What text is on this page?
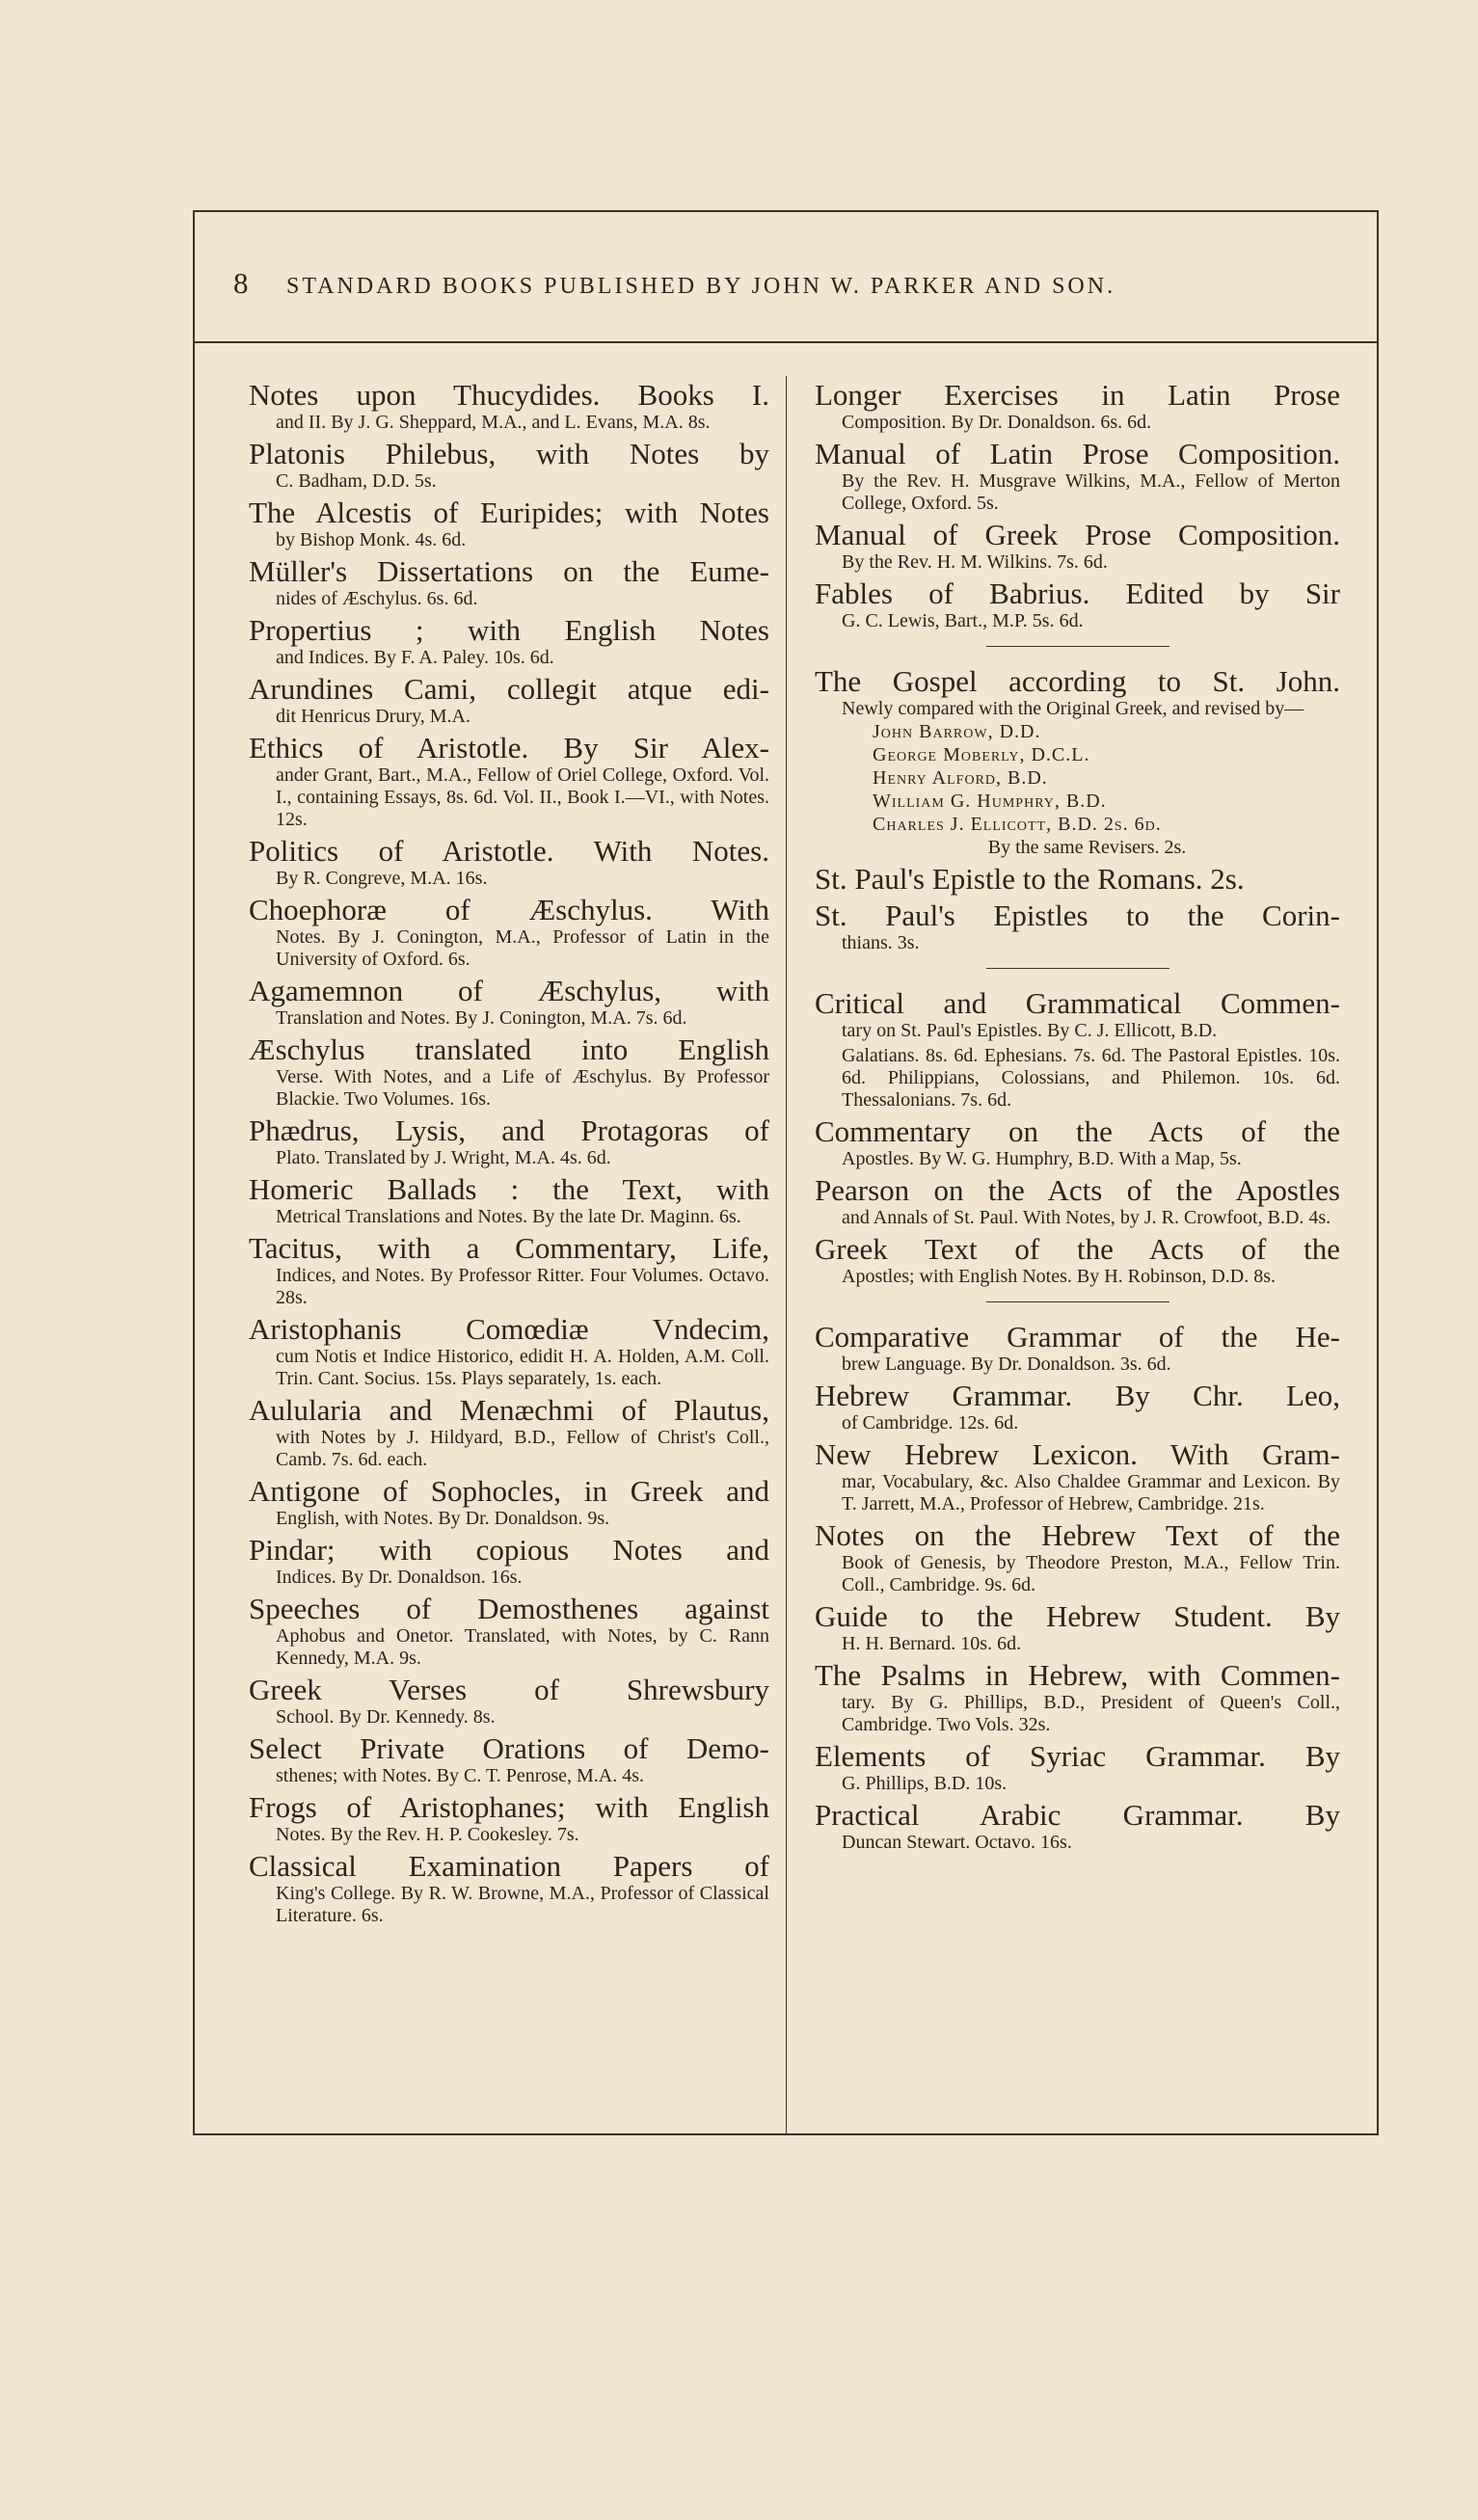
8	STANDARD BOOKS PUBLISHED BY JOHN W. PARKER AND SON.
Notes upon Thucydides. Books I.
and II. By J. G. Sheppard, M.A., and L. Evans, M.A. 8s.
Platonis Philebus, with Notes by
C. Badham, D.D. 5s.
The Alcestis of Euripides; with Notes
by Bishop Monk. 4s. 6d.
Müller's Dissertations on the Eume-
nides of Æschylus. 6s. 6d.
Propertius ; with English Notes
and Indices. By F. A. Paley. 10s. 6d.
Arundines Cami, collegit atque edi-
dit Henricus Drury, M.A.
Ethics of Aristotle. By Sir Alex-
ander Grant, Bart., M.A., Fellow of Oriel College, Oxford. Vol. I., containing Essays, 8s. 6d. Vol. II., Book I.—VI., with Notes. 12s.
Politics of Aristotle. With Notes.
By R. Congreve, M.A. 16s.
Choephoræ of Æschylus. With
Notes. By J. Conington, M.A., Professor of Latin in the University of Oxford. 6s.
Agamemnon of Æschylus, with
Translation and Notes. By J. Conington, M.A. 7s. 6d.
Æschylus translated into English
Verse. With Notes, and a Life of Æschylus. By Professor Blackie. Two Volumes. 16s.
Phædrus, Lysis, and Protagoras of
Plato. Translated by J. Wright, M.A. 4s. 6d.
Homeric Ballads : the Text, with
Metrical Translations and Notes. By the late Dr. Maginn. 6s.
Tacitus, with a Commentary, Life,
Indices, and Notes. By Professor Ritter. Four Volumes. Octavo. 28s.
Aristophanis Comœdiæ Vndecim,
cum Notis et Indice Historico, edidit H. A. Holden, A.M. Coll. Trin. Cant. Socius. 15s. Plays separately, 1s. each.
Aulularia and Menæchmi of Plautus,
with Notes by J. Hildyard, B.D., Fellow of Christ's Coll., Camb. 7s. 6d. each.
Antigone of Sophocles, in Greek and
English, with Notes. By Dr. Donaldson. 9s.
Pindar; with copious Notes and
Indices. By Dr. Donaldson. 16s.
Speeches of Demosthenes against
Aphobus and Onetor. Translated, with Notes, by C. Rann Kennedy, M.A. 9s.
Greek Verses of Shrewsbury
School. By Dr. Kennedy. 8s.
Select Private Orations of Demo-
sthenes; with Notes. By C. T. Penrose, M.A. 4s.
Frogs of Aristophanes; with English
Notes. By the Rev. H. P. Cookesley. 7s.
Classical Examination Papers of
King's College. By R. W. Browne, M.A., Professor of Classical Literature. 6s.
Longer Exercises in Latin Prose
Composition. By Dr. Donaldson. 6s. 6d.
Manual of Latin Prose Composition.
By the Rev. H. Musgrave Wilkins, M.A., Fellow of Merton College, Oxford. 5s.
Manual of Greek Prose Composition.
By the Rev. H. M. Wilkins. 7s. 6d.
Fables of Babrius. Edited by Sir
G. C. Lewis, Bart., M.P. 5s. 6d.
The Gospel according to St. John.
Newly compared with the Original Greek, and revised by—
John Barrow, D.D.
George Moberly, D.C.L.
Henry Alford, B.D.
William G. Humphry, B.D.
Charles J. Ellicott, B.D. 2s. 6d.
By the same Revisers. 2s.
St. Paul's Epistle to the Romans. 2s.
St. Paul's Epistles to the Corin-
thians. 3s.
Critical and Grammatical Commen-
tary on St. Paul's Epistles. By C. J. Ellicott, B.D.
Galatians. 8s. 6d. Ephesians. 7s. 6d. The Pastoral Epistles. 10s. 6d. Philippians, Colossians, and Philemon. 10s. 6d. Thessalonians. 7s. 6d.
Commentary on the Acts of the
Apostles. By W. G. Humphry, B.D. With a Map, 5s.
Pearson on the Acts of the Apostles
and Annals of St. Paul. With Notes, by J. R. Crowfoot, B.D. 4s.
Greek Text of the Acts of the
Apostles; with English Notes. By H. Robinson, D.D. 8s.
Comparative Grammar of the He-
brew Language. By Dr. Donaldson. 3s. 6d.
Hebrew Grammar. By Chr. Leo,
of Cambridge. 12s. 6d.
New Hebrew Lexicon. With Gram-
mar, Vocabulary, &c. Also Chaldee Grammar and Lexicon. By T. Jarrett, M.A., Professor of Hebrew, Cambridge. 21s.
Notes on the Hebrew Text of the
Book of Genesis, by Theodore Preston, M.A., Fellow Trin. Coll., Cambridge. 9s. 6d.
Guide to the Hebrew Student. By
H. H. Bernard. 10s. 6d.
The Psalms in Hebrew, with Commen-
tary. By G. Phillips, B.D., President of Queen's Coll., Cambridge. Two Vols. 32s.
Elements of Syriac Grammar. By
G. Phillips, B.D. 10s.
Practical Arabic Grammar. By
Duncan Stewart. Octavo. 16s.
